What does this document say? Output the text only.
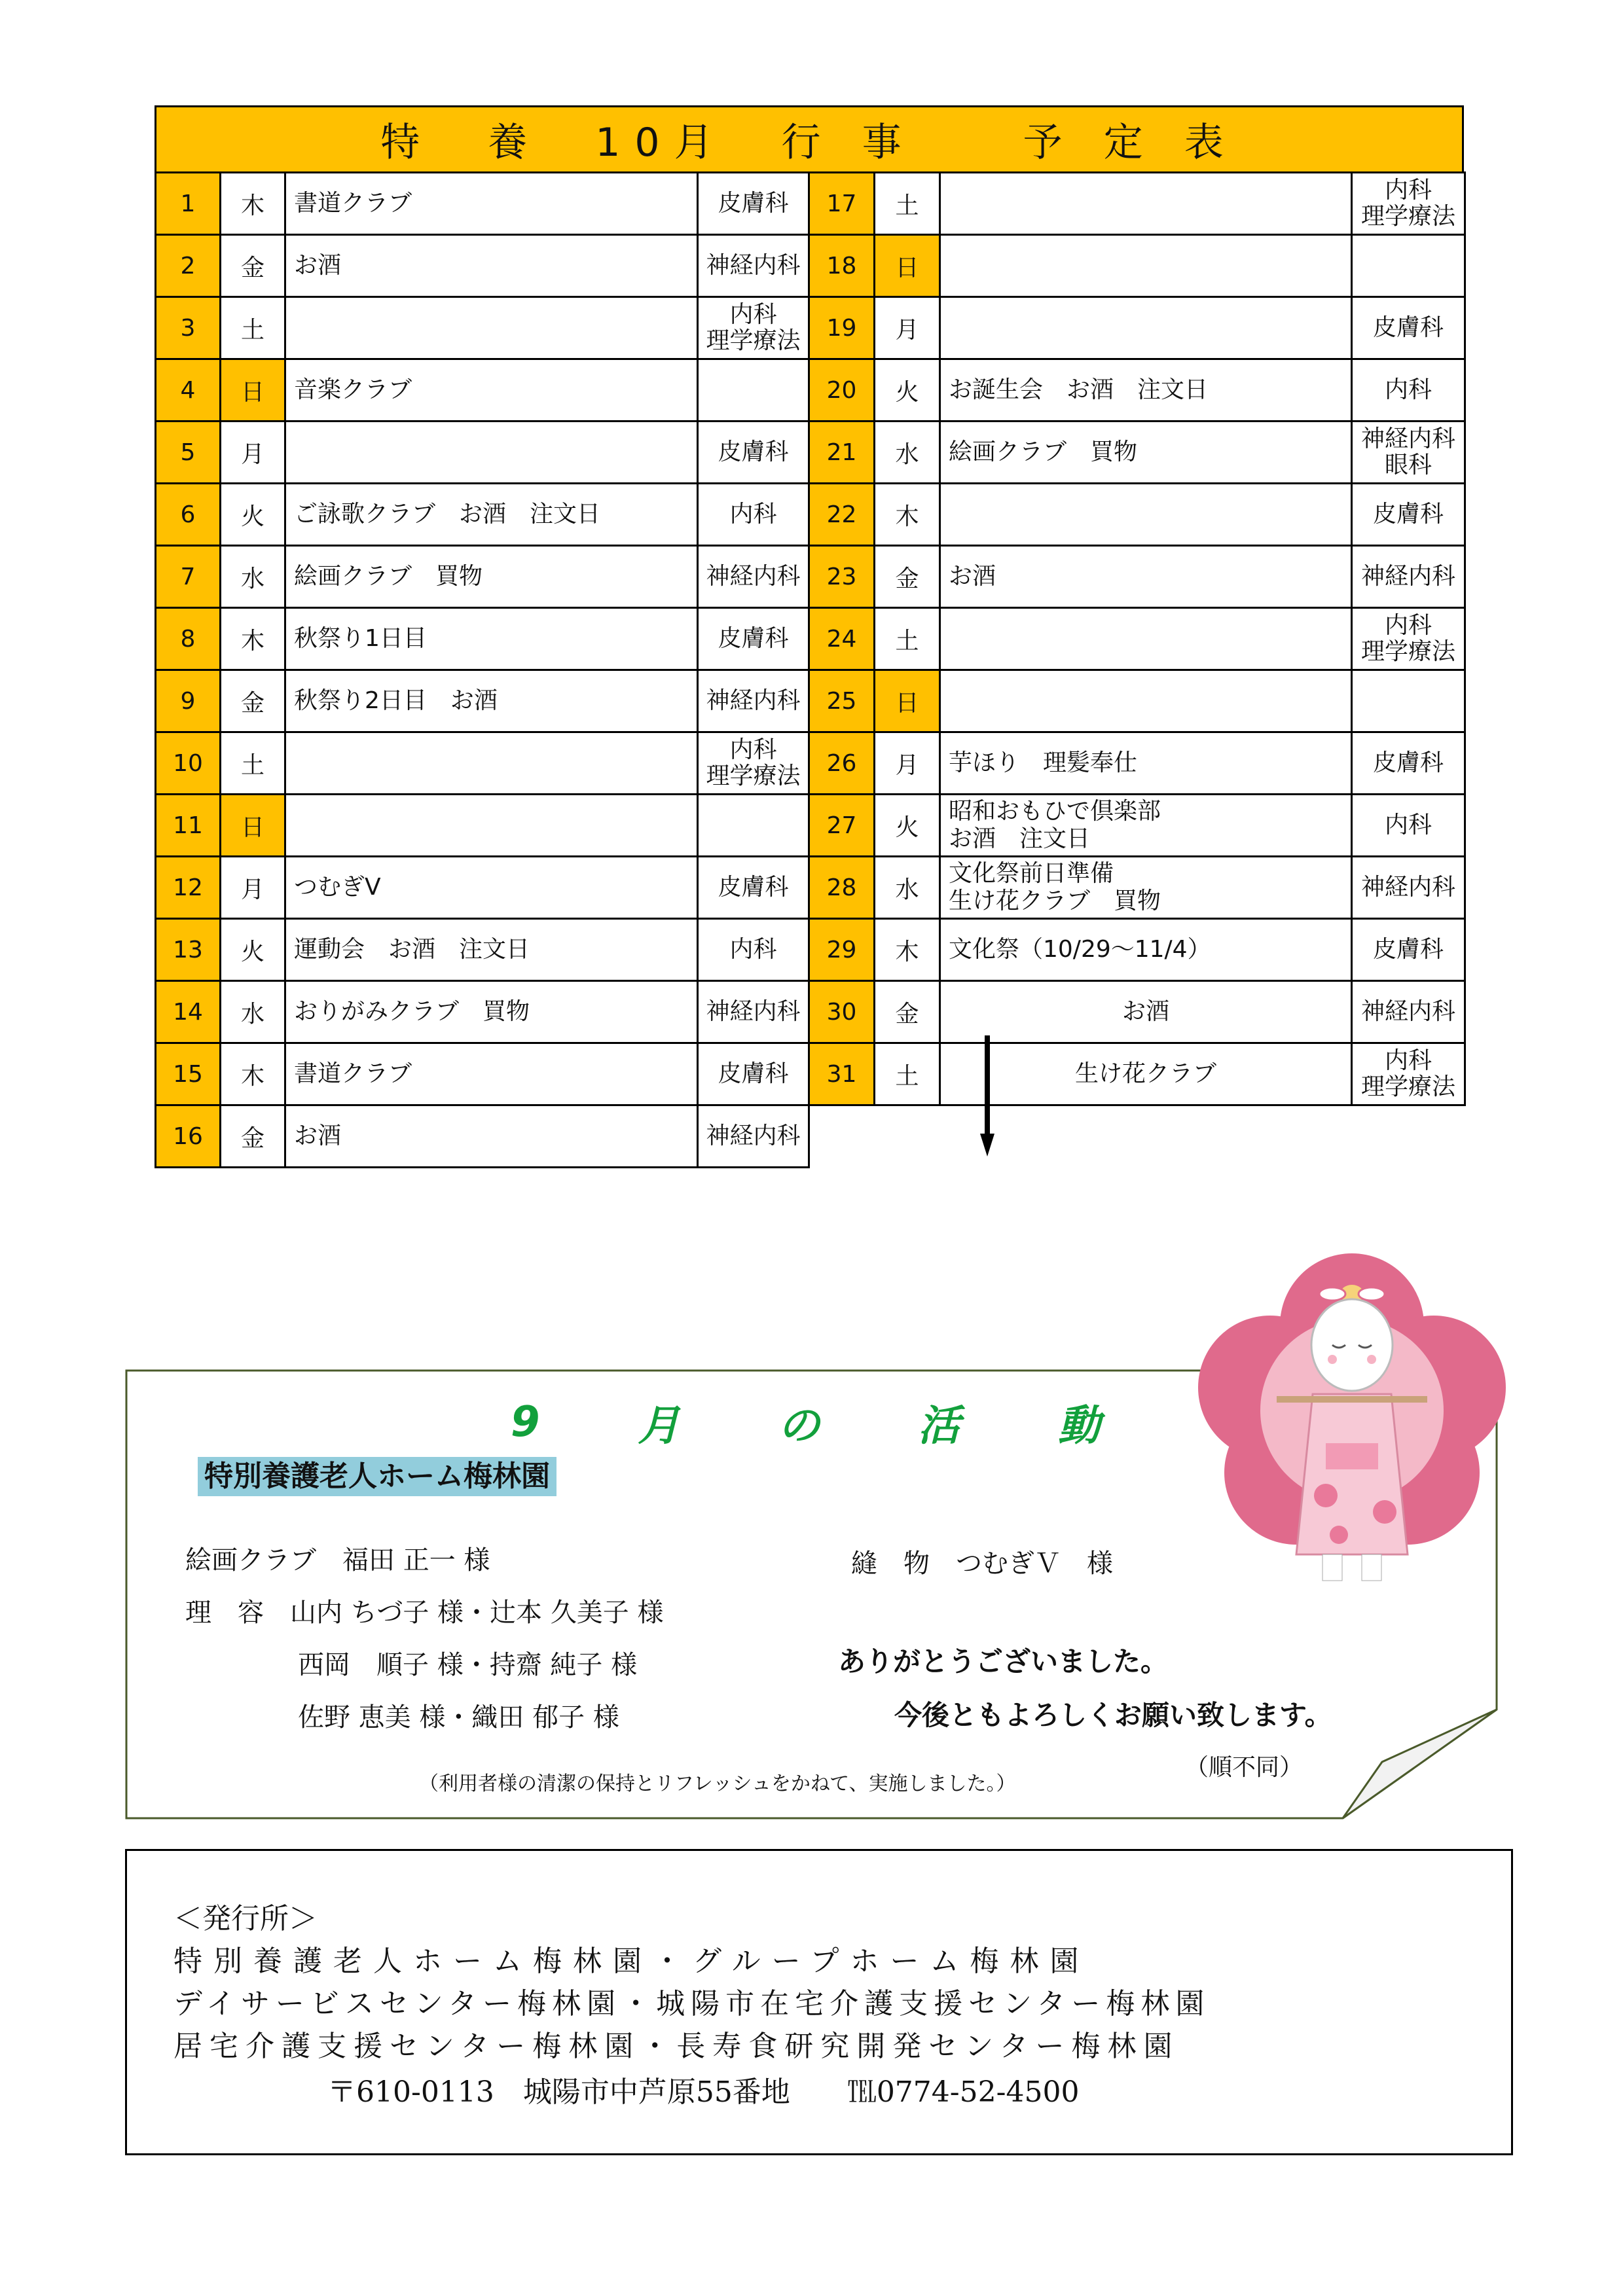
特　養　10月　行 事　　予 定 表
1	木	書道クラブ	皮膚科

2	金	お酒	神経内科

3	土		内科
理学療法

4	日	音楽クラブ	

5	月		皮膚科

6	火	ご詠歌クラブ　お酒　注文日	内科

7	水	絵画クラブ　買物	神経内科

8	木	秋祭り1日目	皮膚科

9	金	秋祭り2日目　お酒	神経内科

10	土		内科
理学療法

11	日	

12	月	つむぎV	皮膚科

13	火	運動会　お酒　注文日	内科

14	水	おりがみクラブ　買物	神経内科

15	木	書道クラブ	皮膚科

16	金	お酒	神経内科
17	土		内科
理学療法

18	日	

19	月		皮膚科

20	火	お誕生会　お酒　注文日	内科

21	水	絵画クラブ　買物	神経内科
眼科

22	木		皮膚科

23	金	お酒	神経内科

24	土		内科
理学療法

25	日	

26	月	芋ほり　理髪奉仕	皮膚科

27	火	昭和おもひで倶楽部
お酒　注文日	内科

28	水	文化祭前日準備
生け花クラブ　買物	神経内科

29	木	文化祭（10/29～11/4）	皮膚科

30	金	お酒	神経内科

31	土	生け花クラブ	内科
理学療法
9 月 の 活 動
特別養護老人ホーム梅林園
絵画クラブ　福田 正一 様
理　容　山内 ちづ子 様・辻本 久美子 様
西岡　順子 様・持齋 純子 様
佐野 恵美 様・織田 郁子 様
縫　物　つむぎＶ　様
ありがとうございました。
今後ともよろしくお願い致します。
（順不同）
（利用者様の清潔の保持とリフレッシュをかねて、実施しました。）
＜発行所＞
特別養護老人ホーム梅林園・グループホーム梅林園
デイサービスセンター梅林園・城陽市在宅介護支援センター梅林園
居宅介護支援センター梅林園・長寿食研究開発センター梅林園
〒610-0113　城陽市中芦原55番地　　℡0774-52-4500
